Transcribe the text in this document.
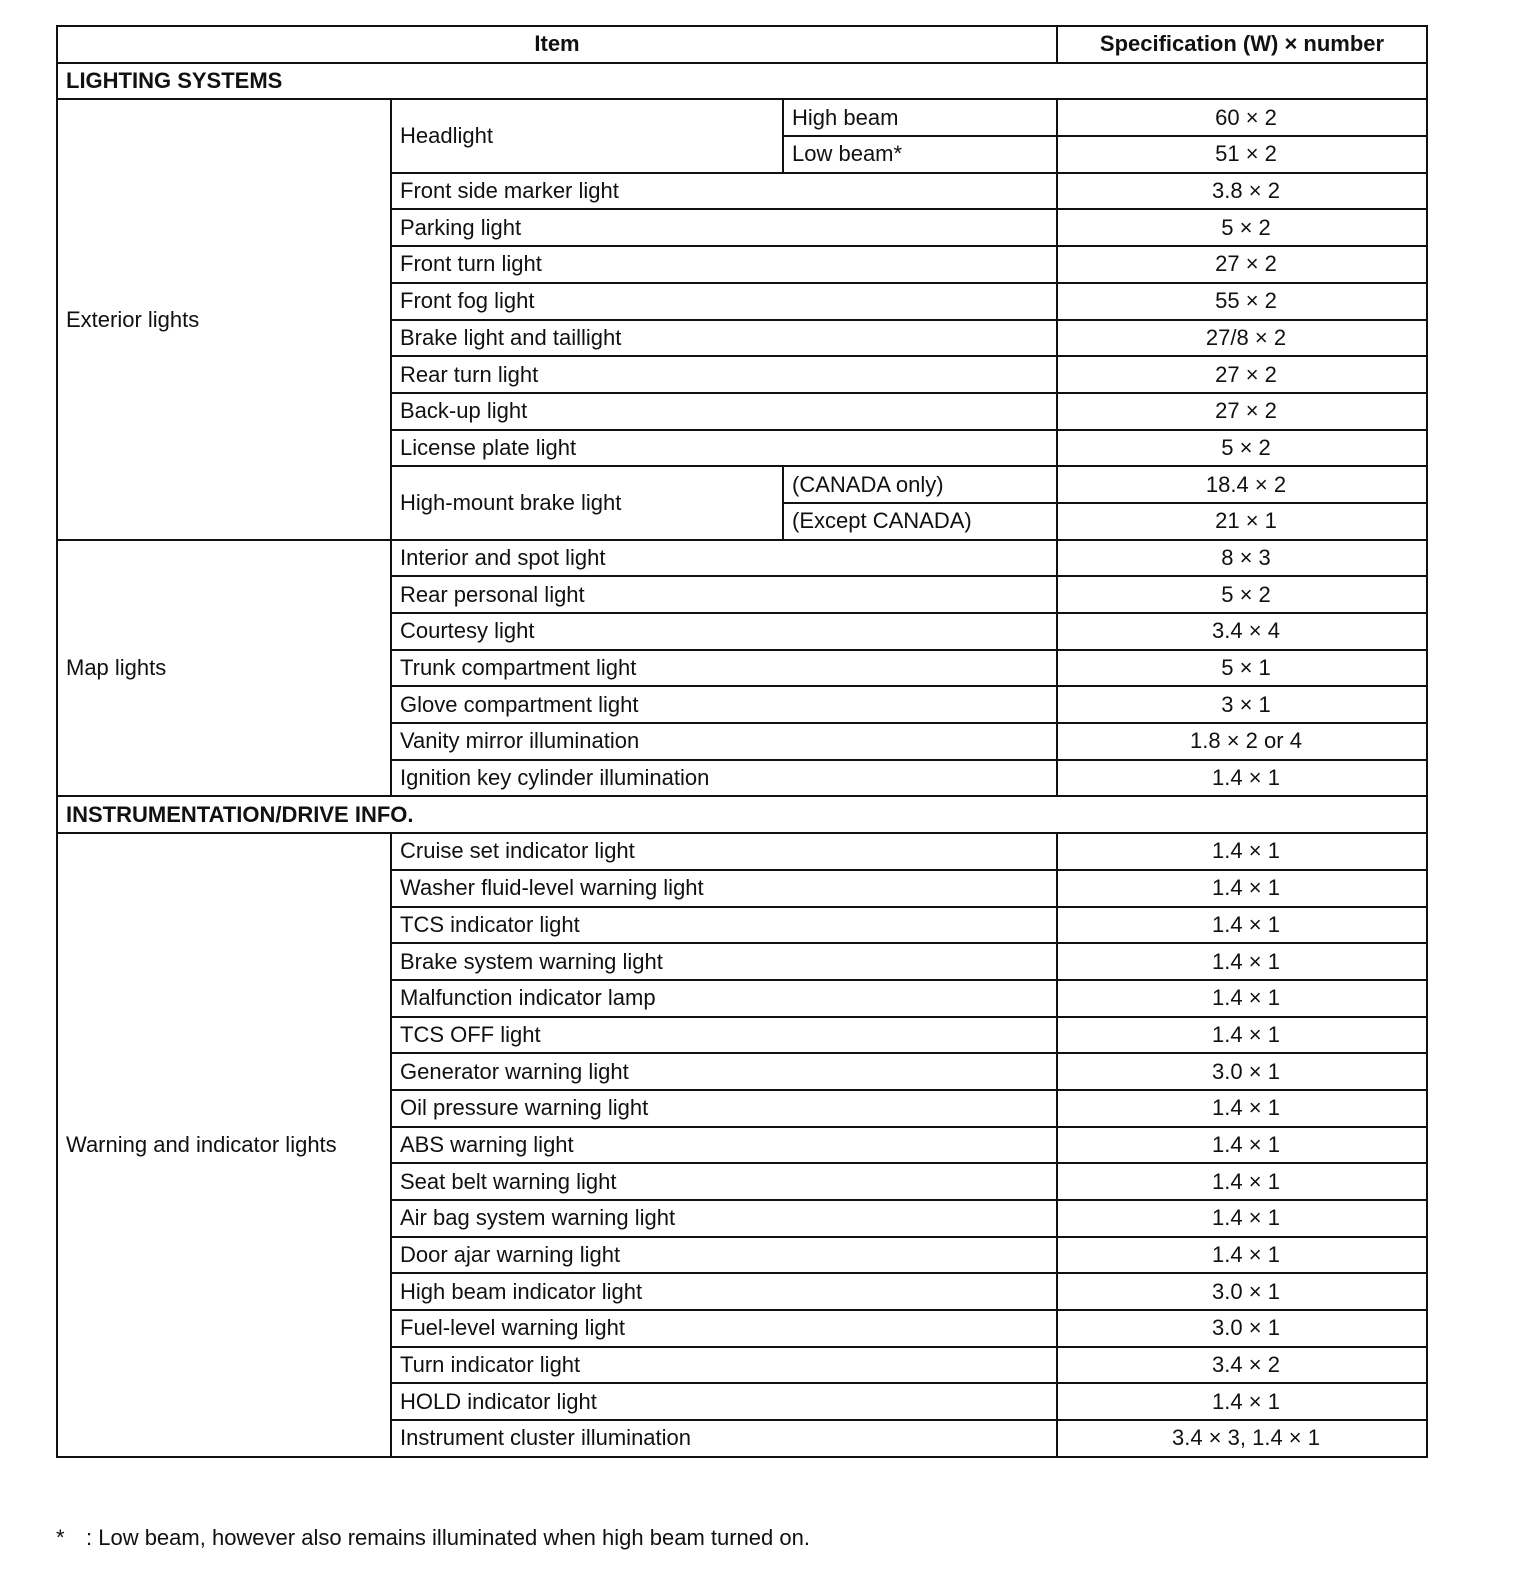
Item			Specification (W) × number
LIGHTING SYSTEMS			
Exterior lights	Headlight	High beam	60 × 2
		Low beam*	51 × 2
	Front side marker light		3.8 × 2
	Parking light		5 × 2
	Front turn light		27 × 2
	Front fog light		55 × 2
	Brake light and taillight		27/8 × 2
	Rear turn light		27 × 2
	Back-up light		27 × 2
	License plate light		5 × 2
	High-mount brake light	(CANADA only)	18.4 × 2
		(Except CANADA)	21 × 1
Map lights	Interior and spot light		8 × 3
	Rear personal light		5 × 2
	Courtesy light		3.4 × 4
	Trunk compartment light		5 × 1
	Glove compartment light		3 × 1
	Vanity mirror illumination		1.8 × 2 or 4
	Ignition key cylinder illumination		1.4 × 1
INSTRUMENTATION/DRIVE INFO.			
Warning and indicator lights	Cruise set indicator light		1.4 × 1
	Washer fluid-level warning light		1.4 × 1
	TCS indicator light		1.4 × 1
	Brake system warning light		1.4 × 1
	Malfunction indicator lamp		1.4 × 1
	TCS OFF light		1.4 × 1
	Generator warning light		3.0 × 1
	Oil pressure warning light		1.4 × 1
	ABS warning light		1.4 × 1
	Seat belt warning light		1.4 × 1
	Air bag system warning light		1.4 × 1
	Door ajar warning light		1.4 × 1
	High beam indicator light		3.0 × 1
	Fuel-level warning light		3.0 × 1
	Turn indicator light		3.4 × 2
	HOLD indicator light		1.4 × 1
	Instrument cluster illumination		3.4 × 3, 1.4 × 1
* : Low beam, however also remains illuminated when high beam turned on.
